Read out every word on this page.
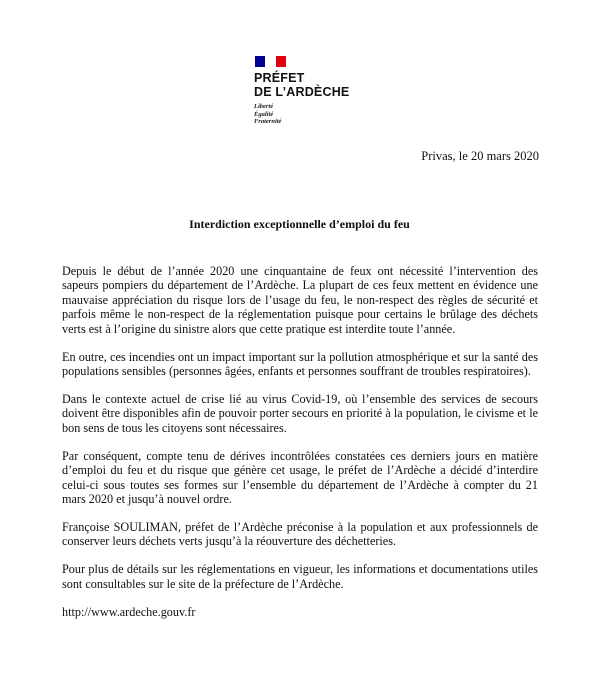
PRÉFET
DE L’ARDÈCHE
Liberté
Égalité
Fraternité
Privas, le 20 mars 2020
Interdiction exceptionnelle d’emploi du feu

Depuis le début de l’année 2020 une cinquantaine de feux ont nécessité l’intervention des sapeurs pompiers du département de l’Ardèche. La plupart de ces feux mettent en évidence une mauvaise appréciation du risque lors de l’usage du feu, le non-respect des règles de sécurité et parfois même le non-respect de la réglementation puisque pour certains le brûlage des déchets verts est à l’origine du sinistre alors que cette pratique est interdite toute l’année.

En outre, ces incendies ont un impact important sur la pollution atmosphérique et sur la santé des populations sensibles (personnes âgées, enfants et personnes souffrant de troubles respiratoires).

Dans le contexte actuel de crise lié au virus Covid-19, où l’ensemble des services de secours doivent être disponibles afin de pouvoir porter secours en priorité à la population, le civisme et le bon sens de tous les citoyens sont nécessaires.

Par conséquent, compte tenu de dérives incontrôlées constatées ces derniers jours en matière d’emploi du feu et du risque que génère cet usage, le préfet de l’Ardèche a décidé d’interdire celui-ci sous toutes ses formes sur l’ensemble du département de l’Ardèche à compter du 21 mars 2020 et jusqu’à nouvel ordre.

Françoise SOULIMAN, préfet de l’Ardèche préconise à la population et aux professionnels de conserver leurs déchets verts jusqu’à la réouverture des déchetteries.

Pour plus de détails sur les réglementations en vigueur, les informations et documentations utiles sont consultables sur le site de la préfecture de l’Ardèche.

http://www.ardeche.gouv.fr
